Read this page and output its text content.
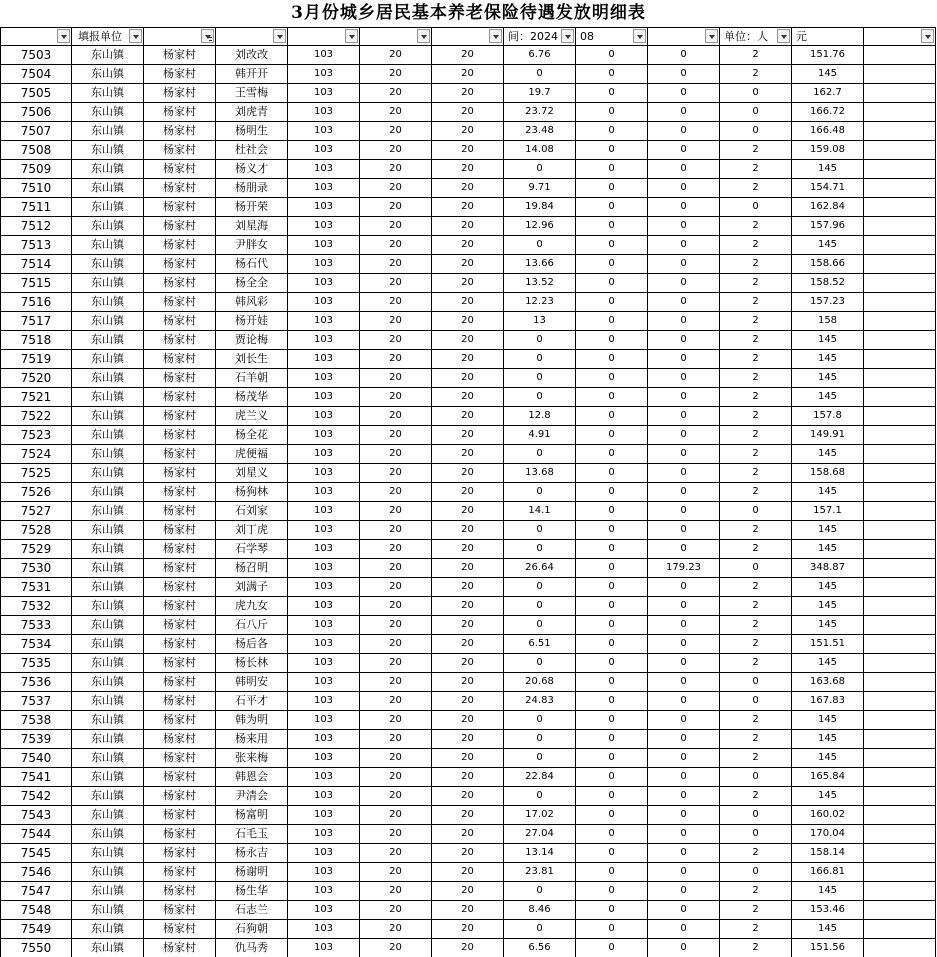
3月份城乡居民基本养老保险待遇发放明细表
填报单位	间：2024 08	单位：人	元
7503	东山镇	杨家村	刘改改	103	20	20	6.76	0	0	2	151.76
7504	东山镇	杨家村	韩开开	103	20	20	0	0	0	2	145
7505	东山镇	杨家村	王雪梅	103	20	20	19.7	0	0	0	162.7
7506	东山镇	杨家村	刘虎青	103	20	20	23.72	0	0	0	166.72
7507	东山镇	杨家村	杨明生	103	20	20	23.48	0	0	0	166.48
7508	东山镇	杨家村	杜社会	103	20	20	14.08	0	0	2	159.08
7509	东山镇	杨家村	杨义才	103	20	20	0	0	0	2	145
7510	东山镇	杨家村	杨朋录	103	20	20	9.71	0	0	2	154.71
7511	东山镇	杨家村	杨开荣	103	20	20	19.84	0	0	0	162.84
7512	东山镇	杨家村	刘星海	103	20	20	12.96	0	0	2	157.96
7513	东山镇	杨家村	尹胖女	103	20	20	0	0	0	2	145
7514	东山镇	杨家村	杨石代	103	20	20	13.66	0	0	2	158.66
7515	东山镇	杨家村	杨全全	103	20	20	13.52	0	0	2	158.52
7516	东山镇	杨家村	韩风彩	103	20	20	12.23	0	0	2	157.23
7517	东山镇	杨家村	杨开娃	103	20	20	13	0	0	2	158
7518	东山镇	杨家村	贾论梅	103	20	20	0	0	0	2	145
7519	东山镇	杨家村	刘长生	103	20	20	0	0	0	2	145
7520	东山镇	杨家村	石羊朝	103	20	20	0	0	0	2	145
7521	东山镇	杨家村	杨茂华	103	20	20	0	0	0	2	145
7522	东山镇	杨家村	虎兰义	103	20	20	12.8	0	0	2	157.8
7523	东山镇	杨家村	杨全花	103	20	20	4.91	0	0	2	149.91
7524	东山镇	杨家村	虎便福	103	20	20	0	0	0	2	145
7525	东山镇	杨家村	刘星义	103	20	20	13.68	0	0	2	158.68
7526	东山镇	杨家村	杨狗林	103	20	20	0	0	0	2	145
7527	东山镇	杨家村	石刘家	103	20	20	14.1	0	0	0	157.1
7528	东山镇	杨家村	刘丁虎	103	20	20	0	0	0	2	145
7529	东山镇	杨家村	石学琴	103	20	20	0	0	0	2	145
7530	东山镇	杨家村	杨召明	103	20	20	26.64	0	179.23	0	348.87
7531	东山镇	杨家村	刘满子	103	20	20	0	0	0	2	145
7532	东山镇	杨家村	虎九女	103	20	20	0	0	0	2	145
7533	东山镇	杨家村	石八斤	103	20	20	0	0	0	2	145
7534	东山镇	杨家村	杨后各	103	20	20	6.51	0	0	2	151.51
7535	东山镇	杨家村	杨长林	103	20	20	0	0	0	2	145
7536	东山镇	杨家村	韩明安	103	20	20	20.68	0	0	0	163.68
7537	东山镇	杨家村	石平才	103	20	20	24.83	0	0	0	167.83
7538	东山镇	杨家村	韩为明	103	20	20	0	0	0	2	145
7539	东山镇	杨家村	杨来用	103	20	20	0	0	0	2	145
7540	东山镇	杨家村	张来梅	103	20	20	0	0	0	2	145
7541	东山镇	杨家村	韩恩会	103	20	20	22.84	0	0	0	165.84
7542	东山镇	杨家村	尹清会	103	20	20	0	0	0	2	145
7543	东山镇	杨家村	杨富明	103	20	20	17.02	0	0	0	160.02
7544	东山镇	杨家村	石毛玉	103	20	20	27.04	0	0	0	170.04
7545	东山镇	杨家村	杨永吉	103	20	20	13.14	0	0	2	158.14
7546	东山镇	杨家村	杨谢明	103	20	20	23.81	0	0	0	166.81
7547	东山镇	杨家村	杨生华	103	20	20	0	0	0	2	145
7548	东山镇	杨家村	石志兰	103	20	20	8.46	0	0	2	153.46
7549	东山镇	杨家村	石狗朝	103	20	20	0	0	0	2	145
7550	东山镇	杨家村	仇马秀	103	20	20	6.56	0	0	2	151.56
